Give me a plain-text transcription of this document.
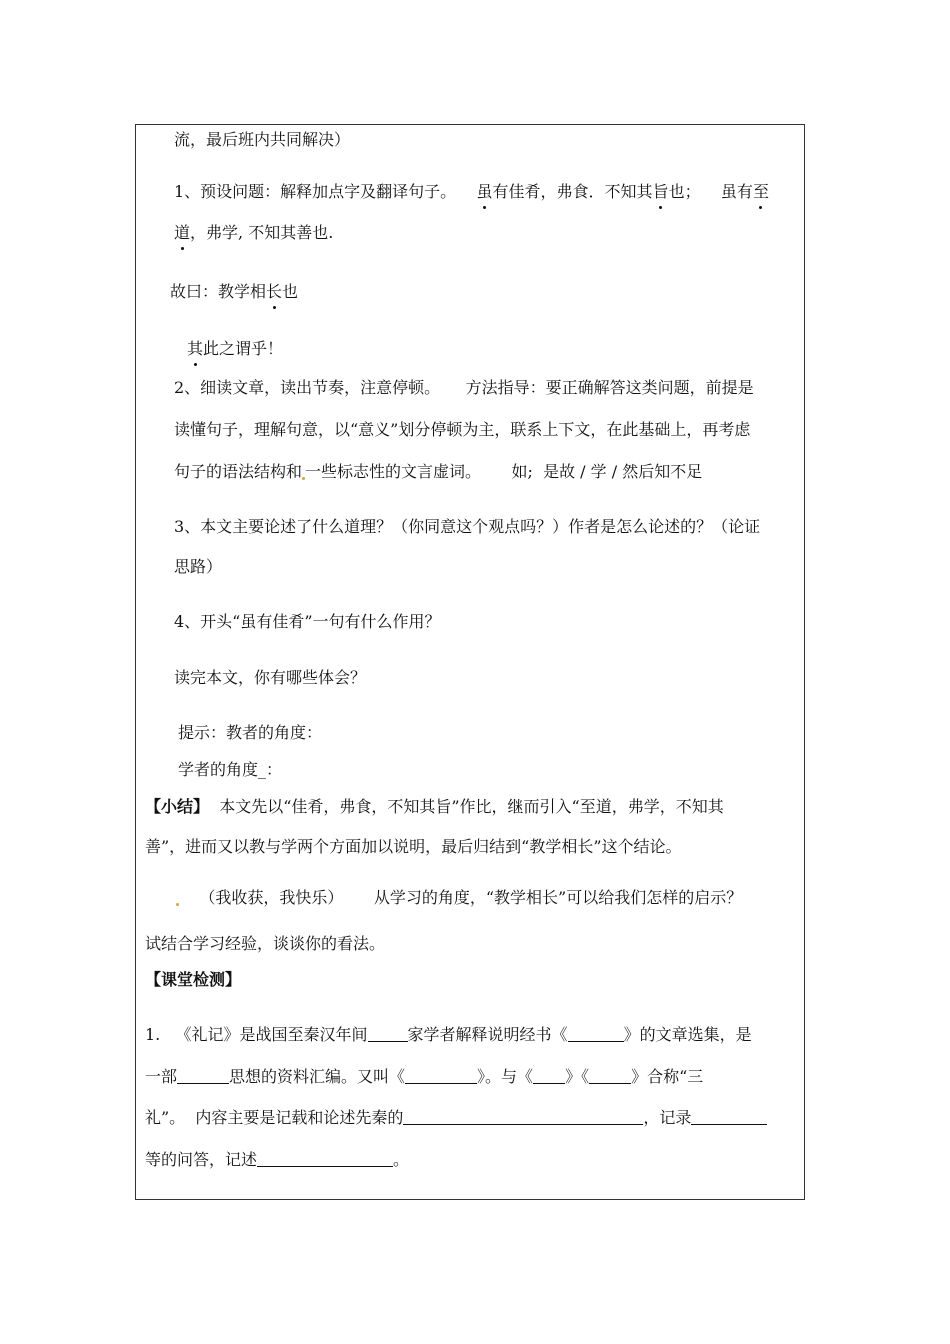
流，最后班内共同解决）
1、预设问题：解释加点字及翻译句子。    虽有佳肴，弗食．不知其旨也；    虽有至
道，弗学, 不知其善也.
故曰：教学相长也
其此之谓乎！
2、细读文章，读出节奏，注意停顿。     方法指导：要正确解答这类问题，前提是
读懂句子，理解句意，以“意义”划分停顿为主，联系上下文，在此基础上，再考虑
句子的语法结构和 一些标志性的文言虚词。      如;  是故 / 学 / 然后知不足
3、本文主要论述了什么道理？（你同意这个观点吗？）作者是怎么论述的？（论证
思路）
4、开头“虽有佳肴”一句有什么作用？
读完本文，你有哪些体会？
提示：教者的角度：
学者的角度_：
【小结】  本文先以“佳肴，弗食，不知其旨”作比，继而引入“至道，弗学，不知其
善”，进而又以教与学两个方面加以说明，最后归结到“教学相长”这个结论。
（我收获，我快乐）      从学习的角度，“教学相长”可以给我们怎样的启示？
试结合学习经验，谈谈你的看法。
【课堂检测】
1. 《礼记》是战国至秦汉年间	家学者解释说明经书《	》的文章选集，是
一部	思想的资料汇编。又叫《	》。与《 》《	》合称“三
礼”。  内容主要是记载和论述先秦的	，记录
等的问答，记述	。
